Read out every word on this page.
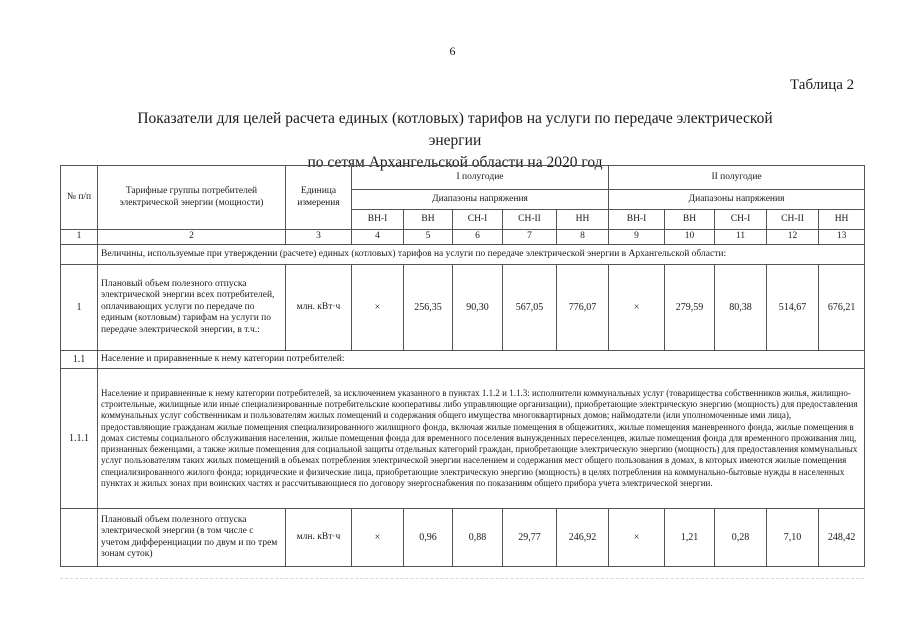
6
Таблица 2
Показатели для целей расчета единых (котловых) тарифов на услуги по передаче электрической энергии
по сетям Архангельской области на 2020 год
№ п/п	Тарифные группы потребителей электрической энергии (мощности)	Единица измерения	I полугодие					II полугодие				
			Диапазоны напряжения					Диапазоны напряжения				
			ВН-I	ВН	СН-I	СН-II	НН	ВН-I	ВН	СН-I	СН-II	НН
1	2	3	4	5	6	7	8	9	10	11	12	13
	Величины, используемые при утверждении (расчете) единых (котловых) тарифов на услуги по передаче электрической энергии в Архангельской области:											
1	Плановый объем полезного отпуска электрической энергии всех потребителей, оплачивающих услуги по передаче по единым (котловым) тарифам на услуги по передаче электрической энергии, в т.ч.:	млн. кВт·ч	×	256,35	90,30	567,05	776,07	×	279,59	80,38	514,67	676,21
1.1	Население и приравненные к нему категории потребителей:											
1.1.1	Население и приравненные к нему категории потребителей, за исключением указанного в пунктах 1.1.2 и 1.1.3: исполнители коммунальных услуг (товарищества собственников жилья, жилищно-строительные, жилищные или иные специализированные потребительские кооперативы либо управляющие организации), приобретающие электрическую энергию (мощность) для предоставления коммунальных услуг собственникам и пользователям жилых помещений и содержания общего имущества многоквартирных домов; наймодатели (или уполномоченные ими лица), предоставляющие гражданам жилые помещения специализированного жилищного фонда, включая жилые помещения в общежитиях, жилые помещения маневренного фонда, жилые помещения в домах системы социального обслуживания населения, жилые помещения фонда для временного поселения вынужденных переселенцев, жилые помещения фонда для временного проживания лиц, признанных беженцами, а также жилые помещения для социальной защиты отдельных категорий граждан, приобретающие электрическую энергию (мощность) для предоставления коммунальных услуг пользователям таких жилых помещений в объемах потребления электрической энергии населением и содержания мест общего пользования в домах, в которых имеются жилые помещения специализированного жилого фонда; юридические и физические лица, приобретающие электрическую энергию (мощность) в целях потребления на коммунально-бытовые нужды в населенных пунктах и жилых зонах при воинских частях и рассчитывающиеся по договору энергоснабжения по показаниям общего прибора учета электрической энергии.											
	Плановый объем полезного отпуска электрической энергии (в том числе с учетом дифференциации по двум и по трем зонам суток)	млн. кВт·ч	×	0,96	0,88	29,77	246,92	×	1,21	0,28	7,10	248,42
